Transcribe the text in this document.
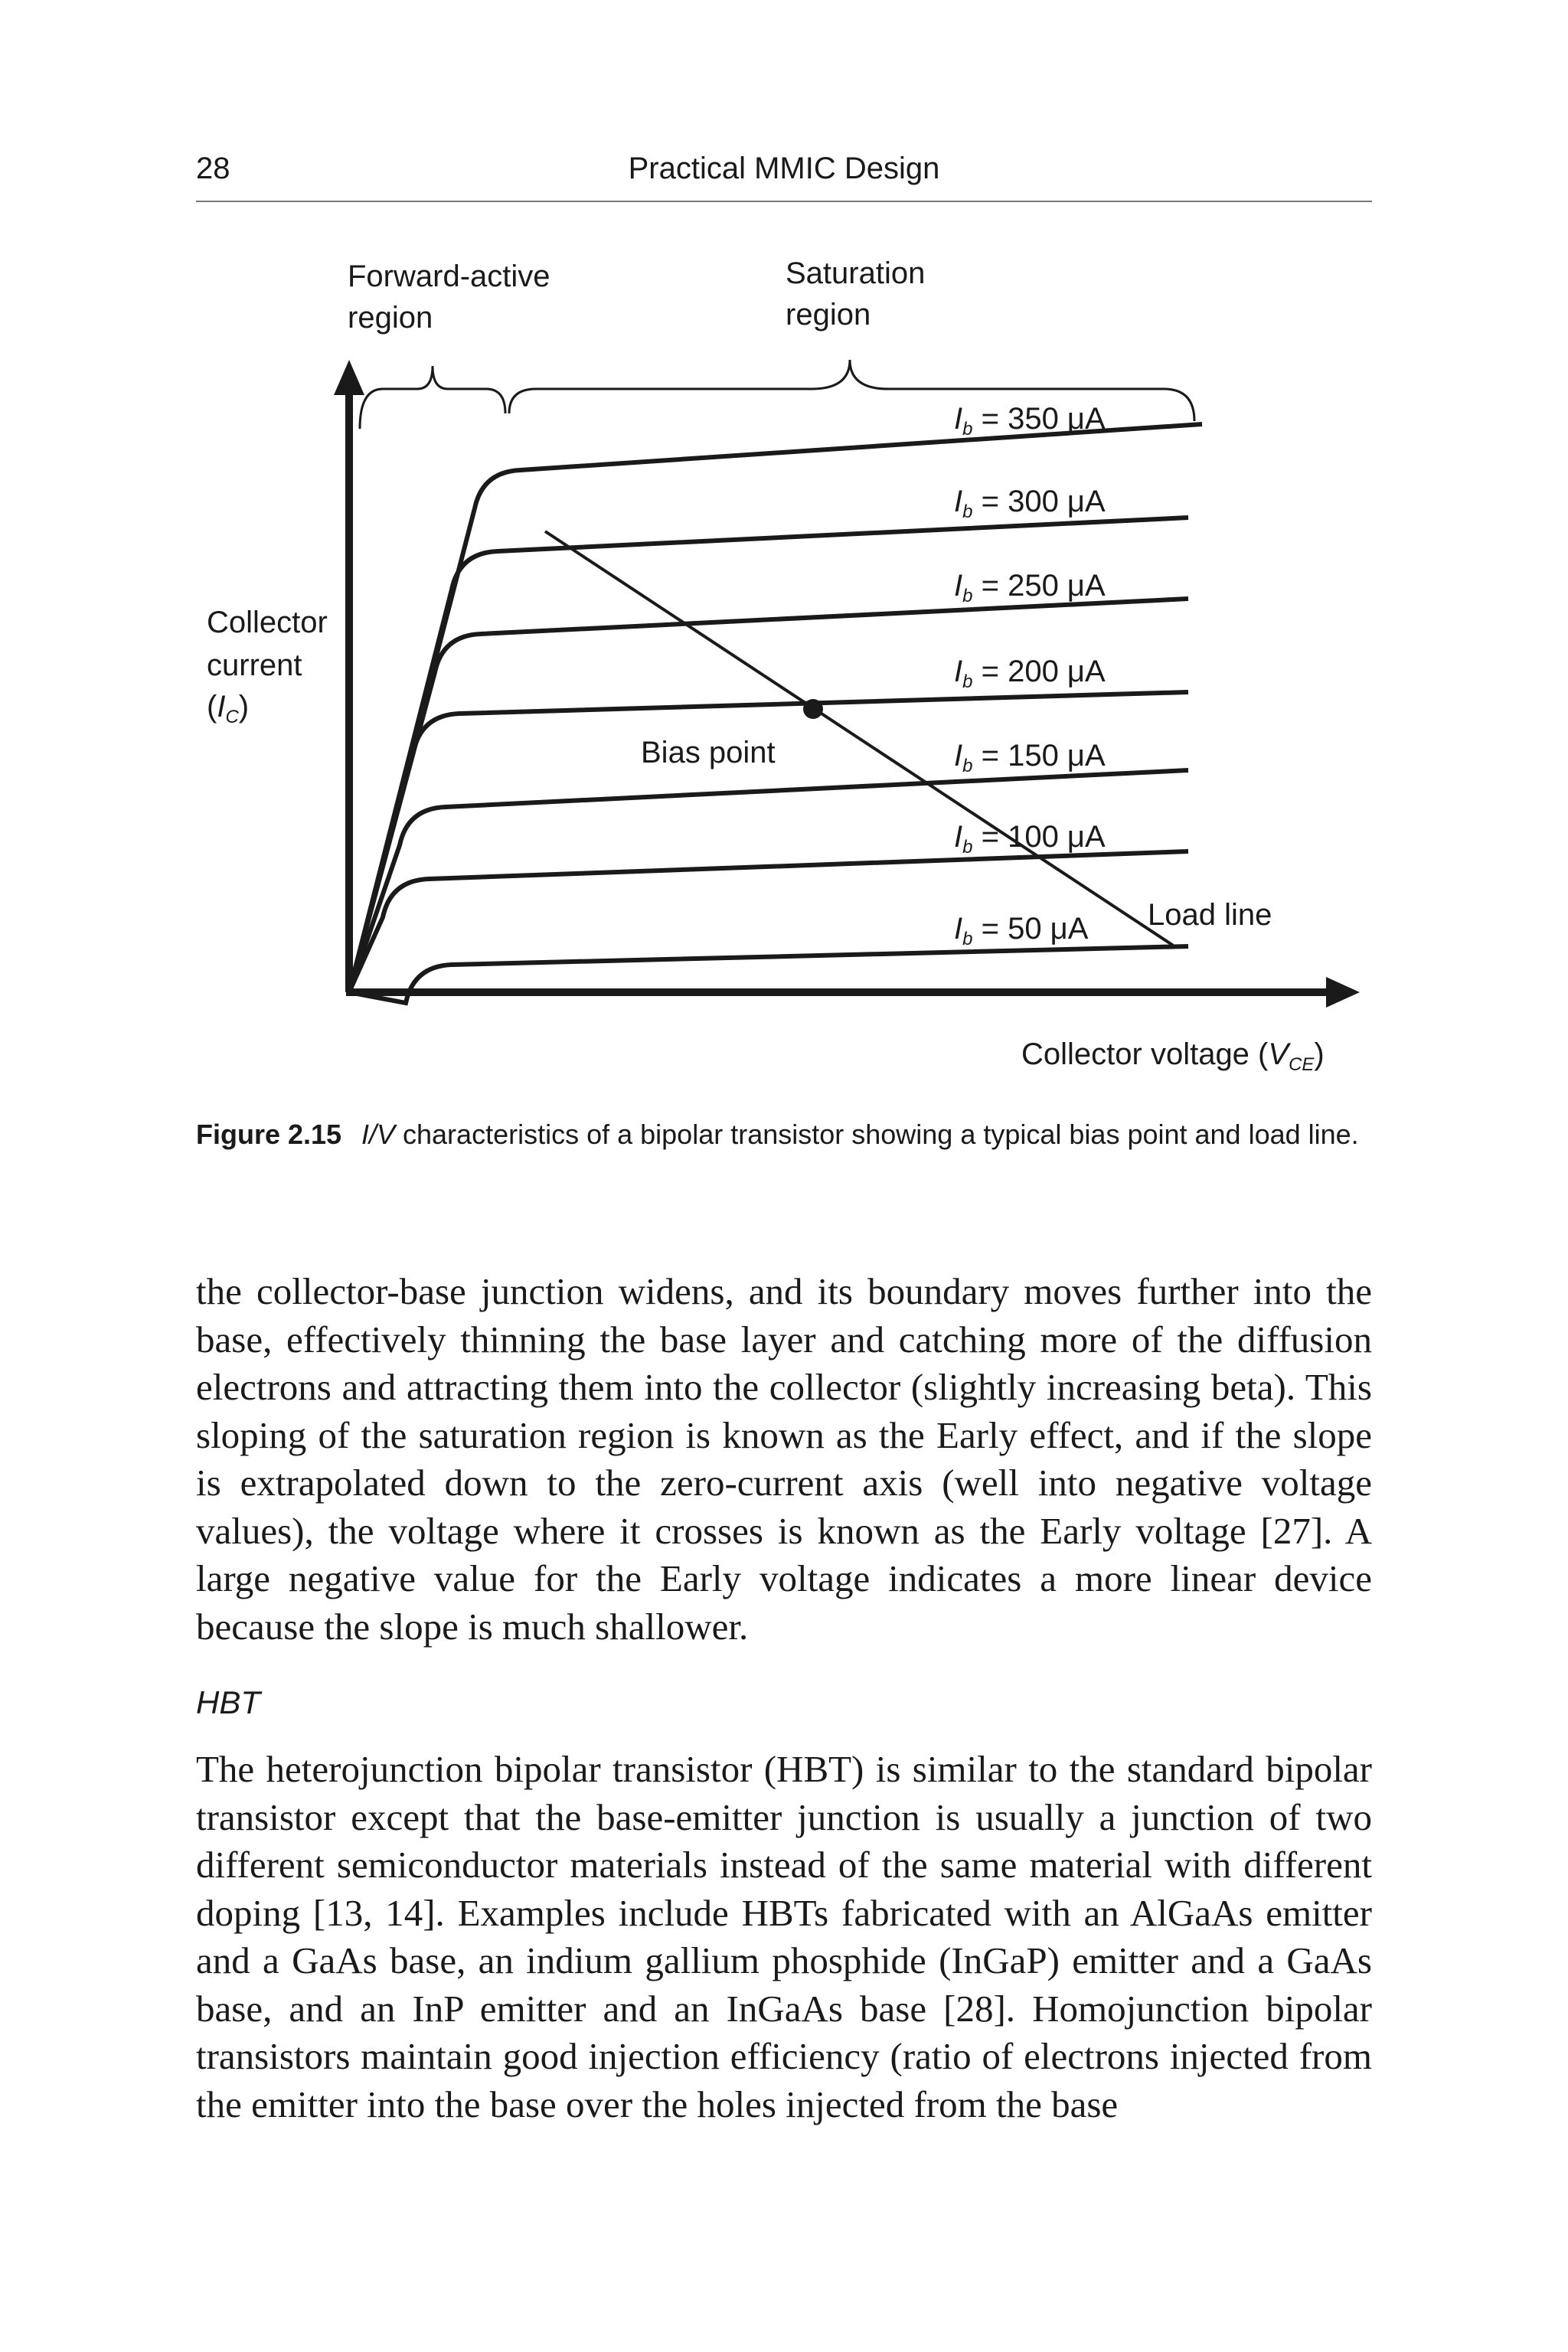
28	Practical MMIC Design
Forward-active
region
Saturation
region
$I_b = 350$ μA
$I_b = 300$ μA
$I_b = 250$ μA
$I_b = 200$ μA
$I_b = 150$ μA
$I_b = 100$ μA
$I_b = 50$ μA
Bias point
Load line
Collector
current
$(I_C)$
Collector voltage $(V_{CE})$
Figure 2.15 I/V characteristics of a bipolar transistor showing a typical bias point and load line.

the collector-base junction widens, and its boundary moves further into the base, effectively thinning the base layer and catching more of the diffusion electrons and attracting them into the collector (slightly increasing beta). This sloping of the saturation region is known as the Early effect, and if the slope is extrapolated down to the zero-current axis (well into negative voltage values), the voltage where it crosses is known as the Early voltage [27]. A large negative value for the Early voltage indicates a more linear device because the slope is much shallower.

HBT

The heterojunction bipolar transistor (HBT) is similar to the standard bipolar transistor except that the base-emitter junction is usually a junction of two different semiconductor materials instead of the same material with different doping [13, 14]. Examples include HBTs fabricated with an AlGaAs emitter and a GaAs base, an indium gallium phosphide (InGaP) emitter and a GaAs base, and an InP emitter and an InGaAs base [28]. Homojunction bipolar transistors maintain good injection efficiency (ratio of electrons injected from the emitter into the base over the holes injected from the base
